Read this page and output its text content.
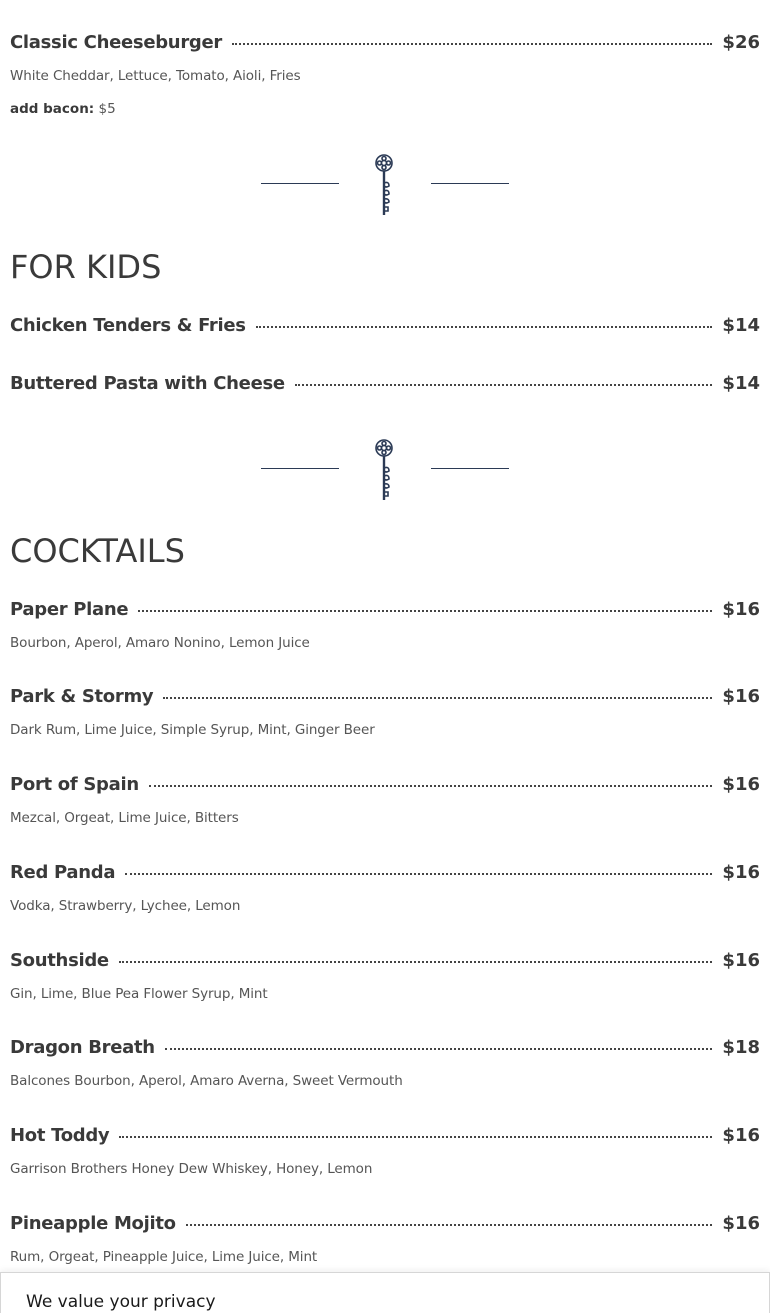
Classic Cheeseburger	$26
White Cheddar, Lettuce, Tomato, Aioli, Fries
add bacon: $5
FOR KIDS
Chicken Tenders & Fries	$14
Buttered Pasta with Cheese	$14
COCKTAILS
Paper Plane	$16
Bourbon, Aperol, Amaro Nonino, Lemon Juice
Park & Stormy	$16
Dark Rum, Lime Juice, Simple Syrup, Mint, Ginger Beer
Port of Spain	$16
Mezcal, Orgeat, Lime Juice, Bitters
Red Panda	$16
Vodka, Strawberry, Lychee, Lemon
Southside	$16
Gin, Lime, Blue Pea Flower Syrup, Mint
Dragon Breath	$18
Balcones Bourbon, Aperol, Amaro Averna, Sweet Vermouth
Hot Toddy	$16
Garrison Brothers Honey Dew Whiskey, Honey, Lemon
Pineapple Mojito	$16
Rum, Orgeat, Pineapple Juice, Lime Juice, Mint
We value your privacy
